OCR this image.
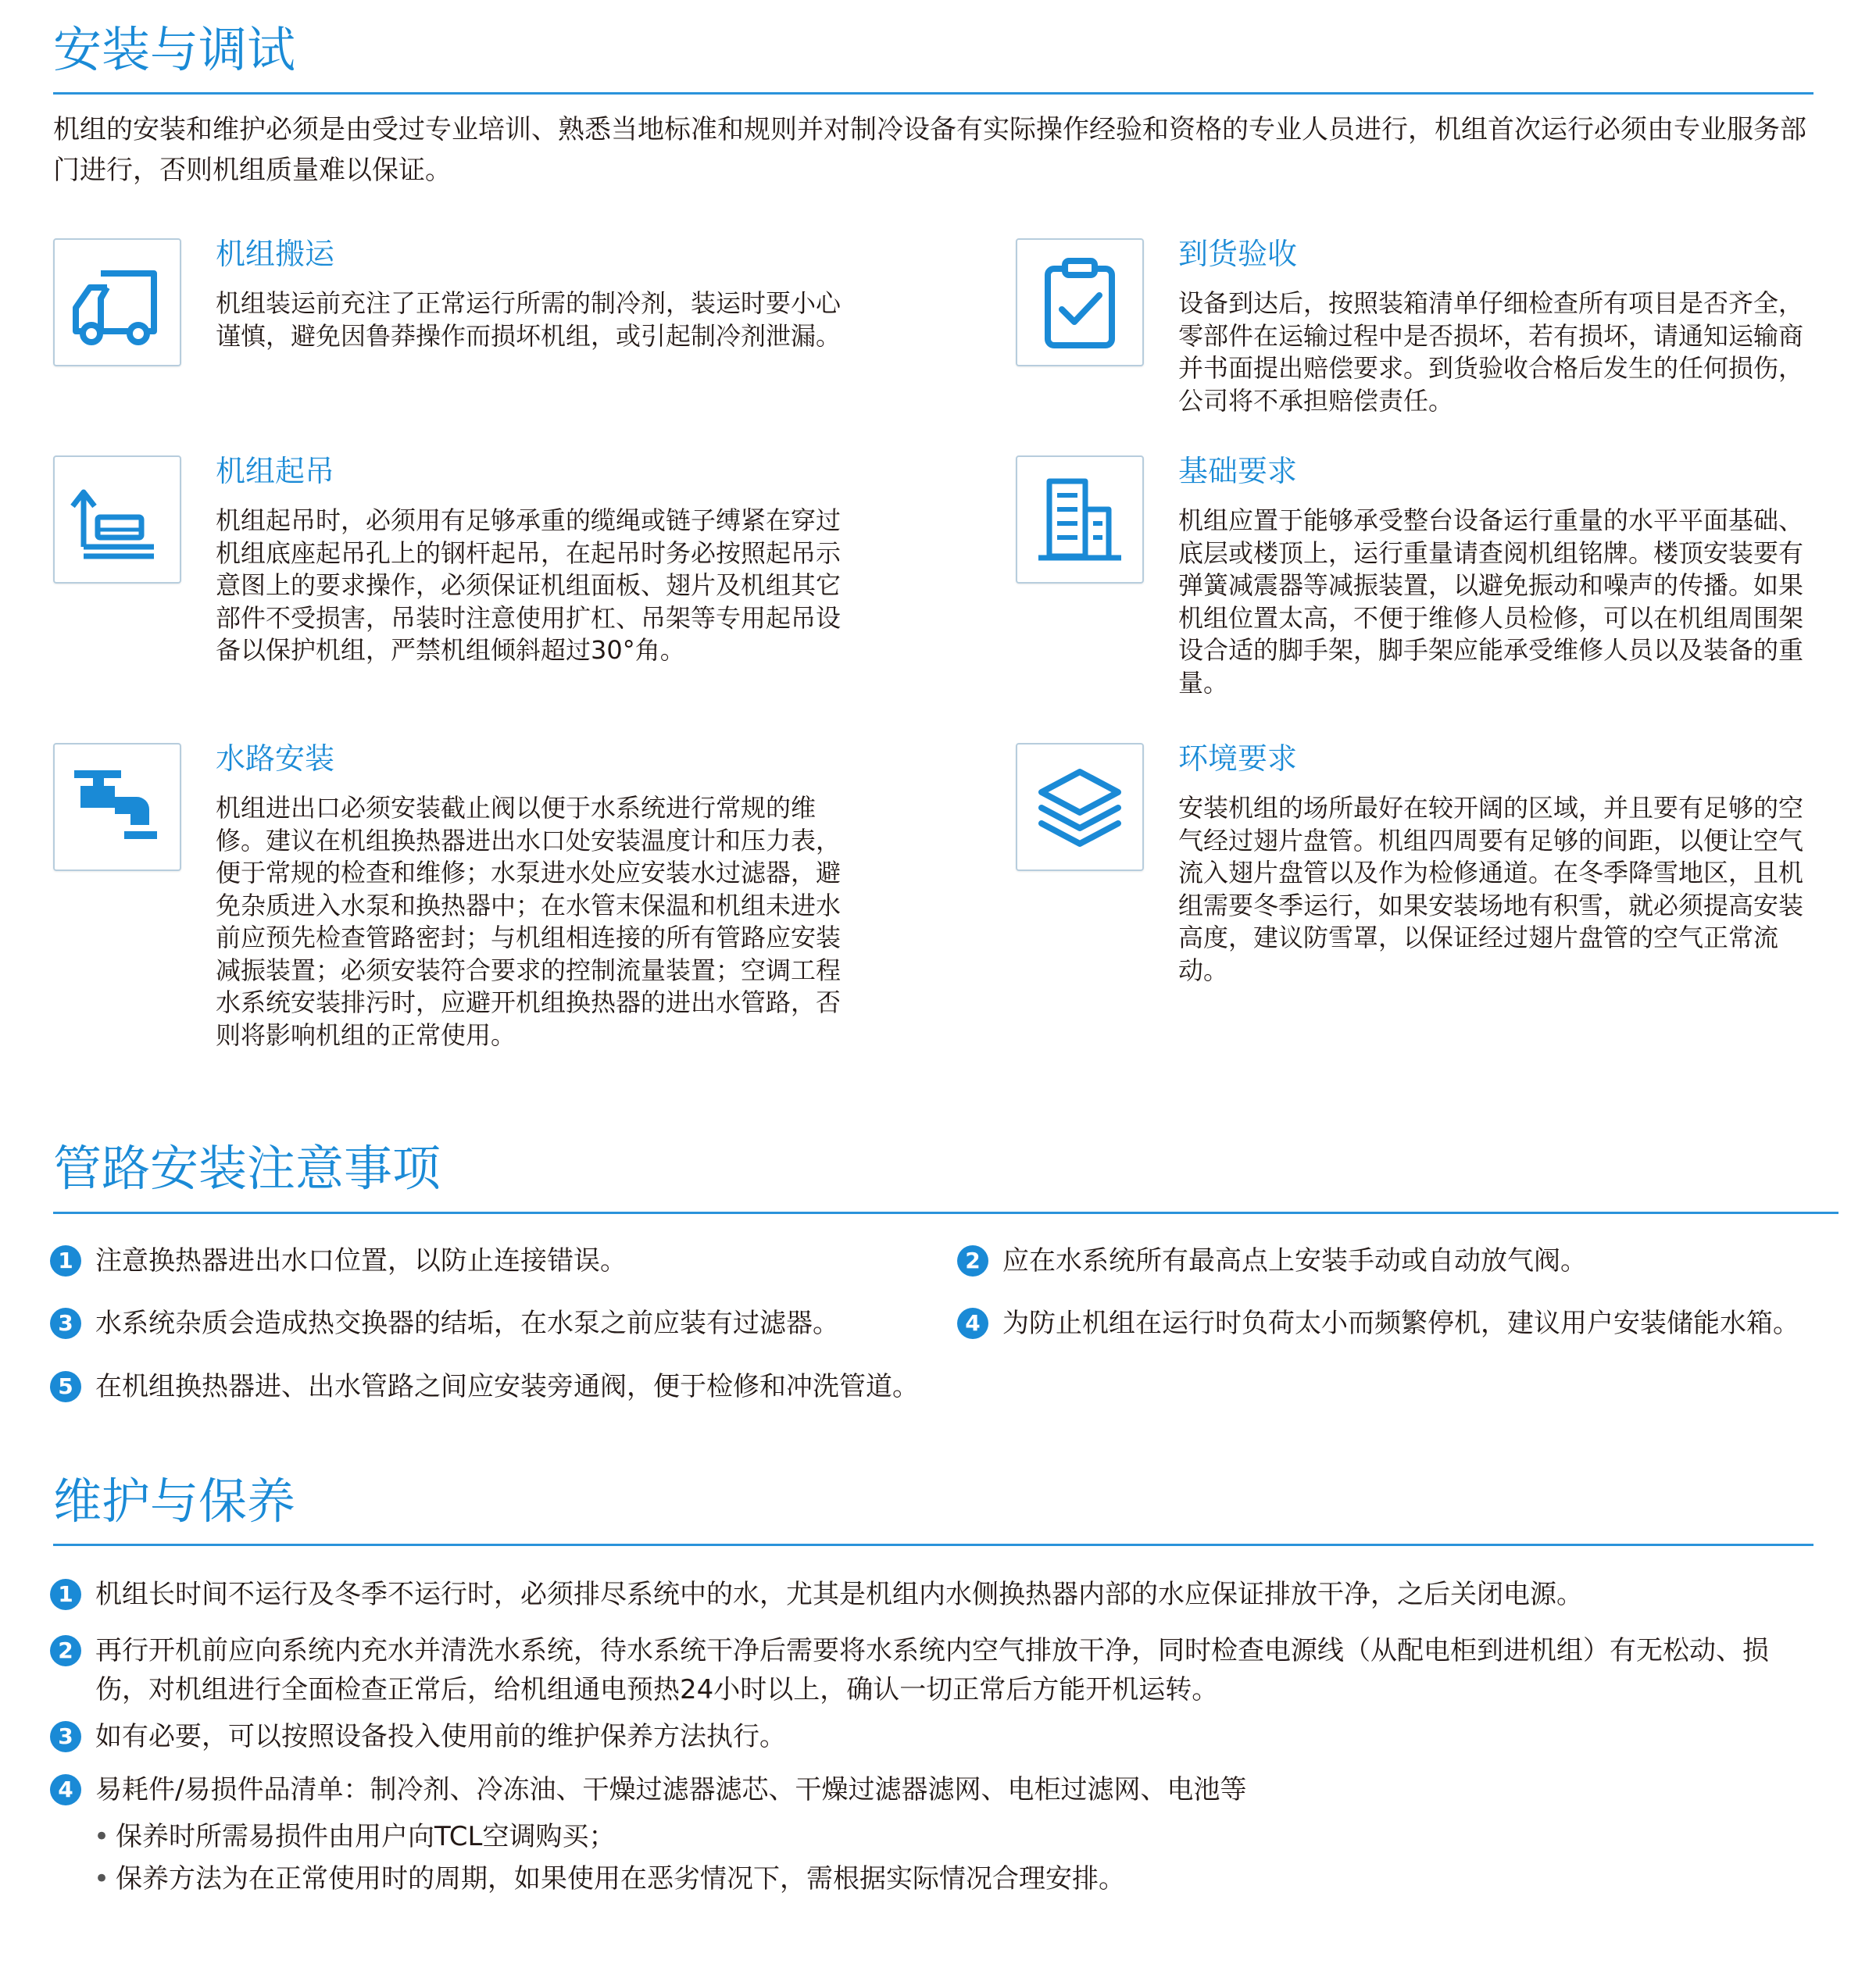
安装与调试
机组的安装和维护必须是由受过专业培训、熟悉当地标准和规则并对制冷设备有实际操作经验和资格的专业人员进行，机组首次运行必须由专业服务部门进行，否则机组质量难以保证。
机组搬运
机组装运前充注了正常运行所需的制冷剂，装运时要小心谨慎，避免因鲁莽操作而损坏机组，或引起制冷剂泄漏。
到货验收
设备到达后，按照装箱清单仔细检查所有项目是否齐全，零部件在运输过程中是否损坏，若有损坏，请通知运输商并书面提出赔偿要求。到货验收合格后发生的任何损伤，公司将不承担赔偿责任。
机组起吊
机组起吊时，必须用有足够承重的缆绳或链子缚紧在穿过机组底座起吊孔上的钢杆起吊，在起吊时务必按照起吊示意图上的要求操作，必须保证机组面板、翅片及机组其它部件不受损害，吊装时注意使用扩杠、吊架等专用起吊设备以保护机组，严禁机组倾斜超过30°角。
基础要求
机组应置于能够承受整台设备运行重量的水平平面基础、底层或楼顶上，运行重量请查阅机组铭牌。楼顶安装要有弹簧减震器等减振装置，以避免振动和噪声的传播。如果机组位置太高，不便于维修人员检修，可以在机组周围架设合适的脚手架，脚手架应能承受维修人员以及装备的重量。
水路安装
机组进出口必须安装截止阀以便于水系统进行常规的维修。建议在机组换热器进出水口处安装温度计和压力表，便于常规的检查和维修；水泵进水处应安装水过滤器，避免杂质进入水泵和换热器中；在水管末保温和机组未进水前应预先检查管路密封；与机组相连接的所有管路应安装减振装置；必须安装符合要求的控制流量装置；空调工程水系统安装排污时，应避开机组换热器的进出水管路，否则将影响机组的正常使用。
环境要求
安装机组的场所最好在较开阔的区域，并且要有足够的空气经过翅片盘管。机组四周要有足够的间距，以便让空气流入翅片盘管以及作为检修通道。在冬季降雪地区，且机组需要冬季运行，如果安装场地有积雪，就必须提高安装高度，建议防雪罩，以保证经过翅片盘管的空气正常流动。
管路安装注意事项
1 注意换热器进出水口位置，以防止连接错误。	2 应在水系统所有最高点上安装手动或自动放气阀。
3 水系统杂质会造成热交换器的结垢，在水泵之前应装有过滤器。	4 为防止机组在运行时负荷太小而频繁停机，建议用户安装储能水箱。
5 在机组换热器进、出水管路之间应安装旁通阀，便于检修和冲洗管道。
维护与保养
1 机组长时间不运行及冬季不运行时，必须排尽系统中的水，尤其是机组内水侧换热器内部的水应保证排放干净，之后关闭电源。
2 再行开机前应向系统内充水并清洗水系统，待水系统干净后需要将水系统内空气排放干净，同时检查电源线（从配电柜到进机组）有无松动、损伤，对机组进行全面检查正常后，给机组通电预热24小时以上，确认一切正常后方能开机运转。
3 如有必要，可以按照设备投入使用前的维护保养方法执行。
4 易耗件/易损件品清单：制冷剂、冷冻油、干燥过滤器滤芯、干燥过滤器滤网、电柜过滤网、电池等
• 保养时所需易损件由用户向TCL空调购买；
• 保养方法为在正常使用时的周期，如果使用在恶劣情况下，需根据实际情况合理安排。
